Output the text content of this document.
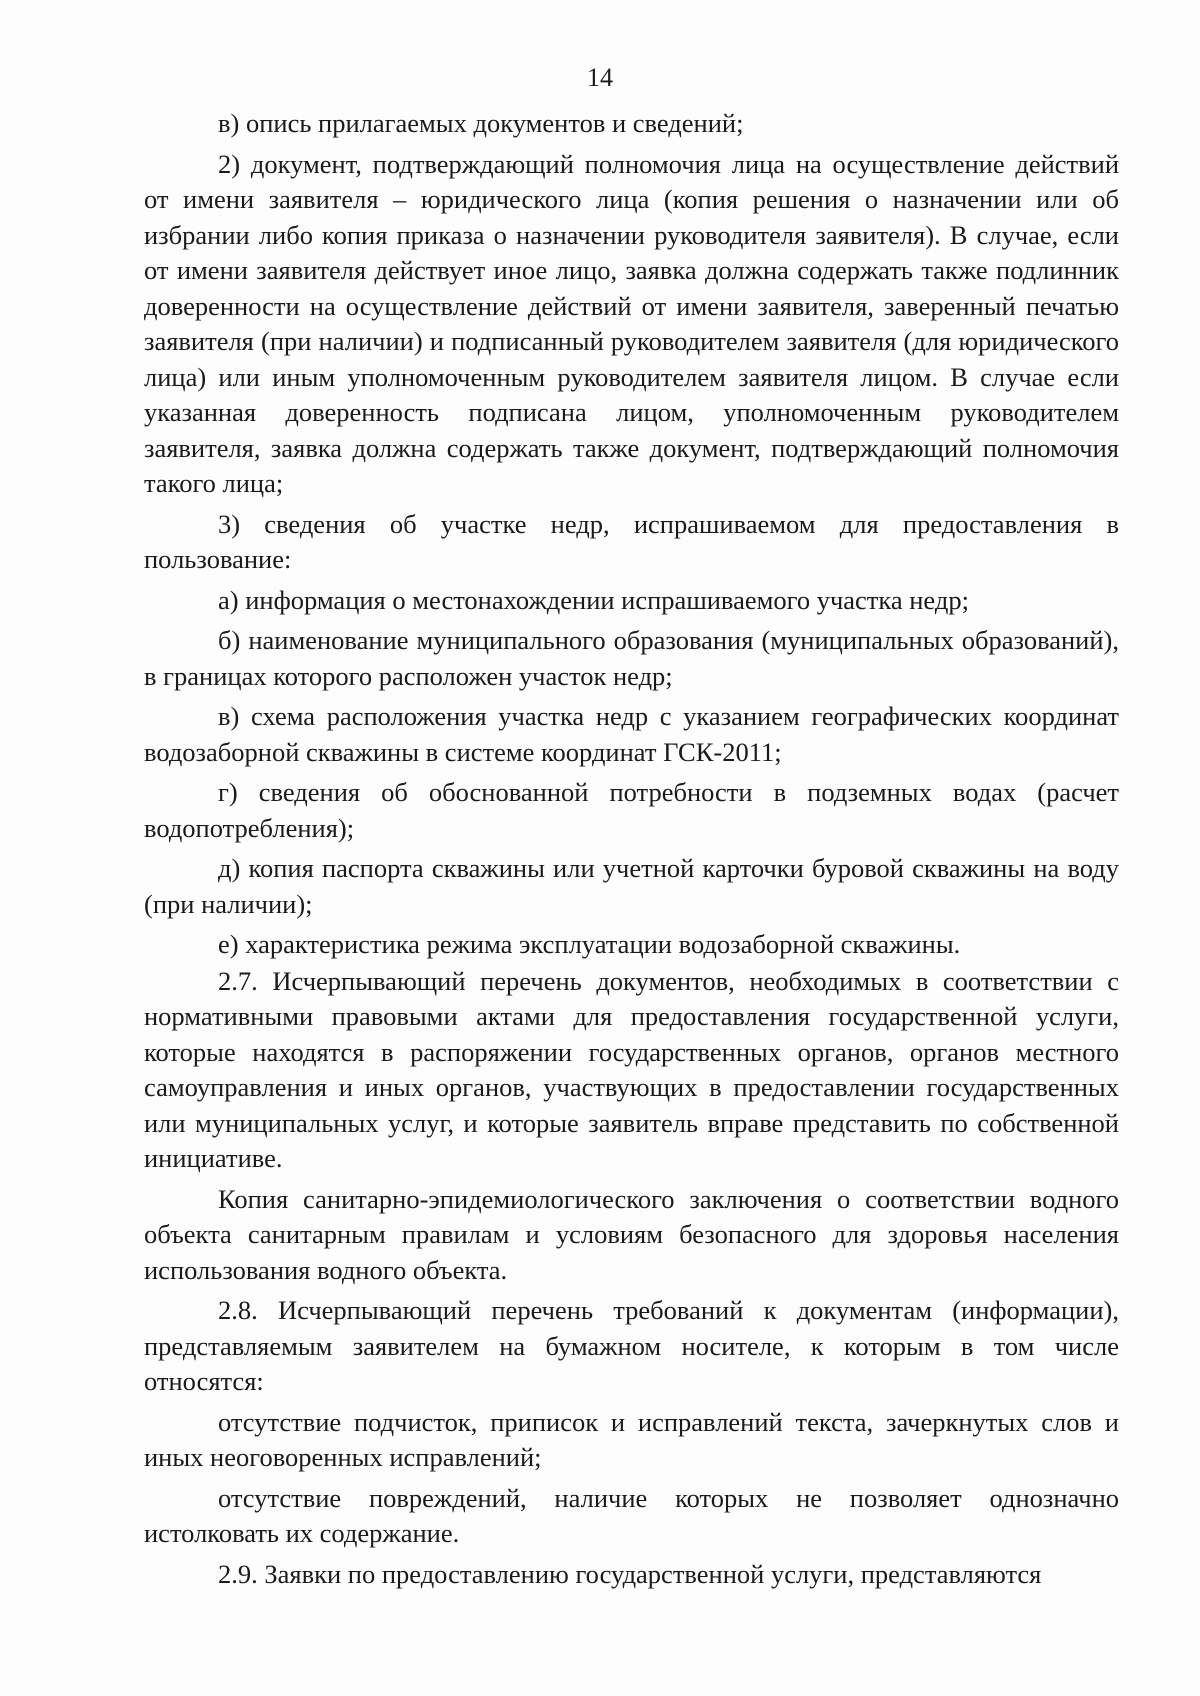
14

в) опись прилагаемых документов и сведений;

2) документ, подтверждающий полномочия лица на осуществление действий от имени заявителя – юридического лица (копия решения о назначении или об избрании либо копия приказа о назначении руководителя заявителя). В случае, если от имени заявителя действует иное лицо, заявка должна содержать также подлинник доверенности на осуществление действий от имени заявителя, заверенный печатью заявителя (при наличии) и подписанный руководителем заявителя (для юридического лица) или иным уполномоченным руководителем заявителя лицом. В случае если указанная доверенность подписана лицом, уполномоченным руководителем заявителя, заявка должна содержать также документ, подтверждающий полномочия такого лица;

3) сведения об участке недр, испрашиваемом для предоставления в пользование:

а) информация о местонахождении испрашиваемого участка недр;

б) наименование муниципального образования (муниципальных образований), в границах которого расположен участок недр;

в) схема расположения участка недр с указанием географических координат водозаборной скважины в системе координат ГСК-2011;

г) сведения об обоснованной потребности в подземных водах (расчет водопотребления);

д) копия паспорта скважины или учетной карточки буровой скважины на воду (при наличии);

е) характеристика режима эксплуатации водозаборной скважины.

2.7. Исчерпывающий перечень документов, необходимых в соответствии с нормативными правовыми актами для предоставления государственной услуги, которые находятся в распоряжении государственных органов, органов местного самоуправления и иных органов, участвующих в предоставлении государственных или муниципальных услуг, и которые заявитель вправе представить по собственной инициативе.

Копия санитарно-эпидемиологического заключения о соответствии водного объекта санитарным правилам и условиям безопасного для здоровья населения использования водного объекта.

2.8. Исчерпывающий перечень требований к документам (информации), представляемым заявителем на бумажном носителе, к которым в том числе относятся:

отсутствие подчисток, приписок и исправлений текста, зачеркнутых слов и иных неоговоренных исправлений;

отсутствие повреждений, наличие которых не позволяет однозначно истолковать их содержание.

2.9. Заявки по предоставлению государственной услуги, представляются
